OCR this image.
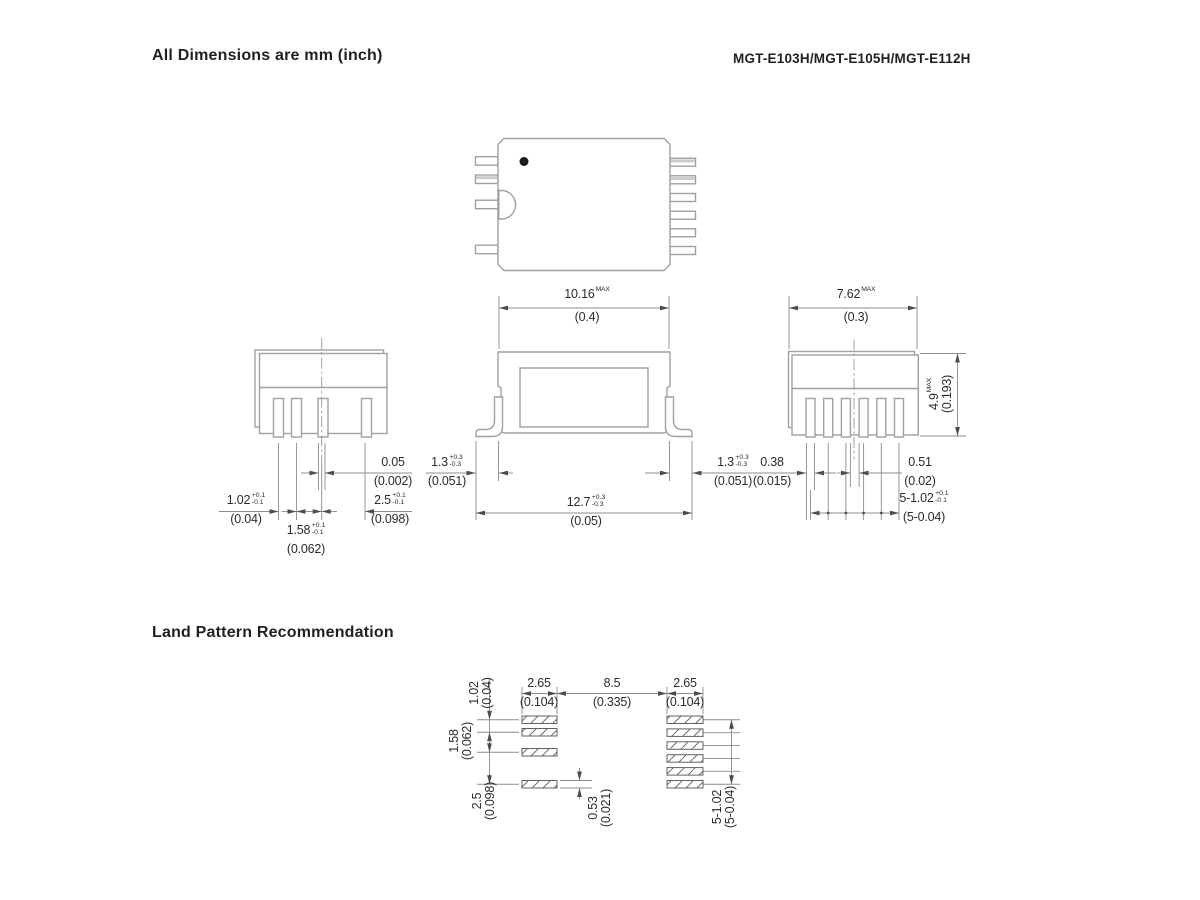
All Dimensions are mm (inch)	MGT-E103H/MGT-E105H/MGT-E112H
Land Pattern Recommendation
10.16 MAX
(0.4)
7.62 MAX
(0.3)
4.9
MAX (0.193)
1.3 +0.3
-0.3
(0.051)
1.3 +0.3
-0.3
(0.051)
12.7 +0.3
-0.3
(0.05)
0.05
(0.002)
1.02 +0.1
-0.1
(0.04)
1.58 +0.1
-0.1
(0.062)
2.5 +0.1
-0.1
(0.098)
0.38
(0.015)
0.51
(0.02)
5-1.02 +0.1
-0.1
(5-0.04)
2.65
(0.104)
8.5
(0.335)
2.65
(0.104)
1.02 (0.04)
1.58 (0.062)
2.5 (0.098)	0.53 (0.021)	5-1.02 (5-0.04)
